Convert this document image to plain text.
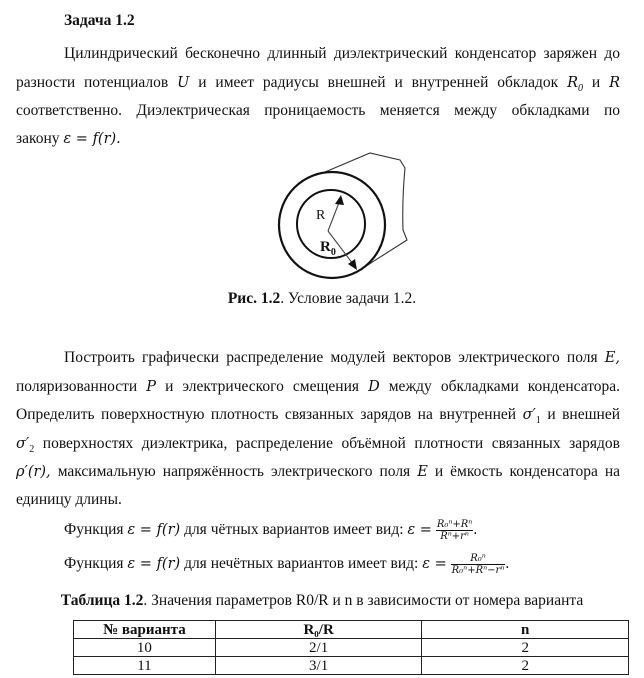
Задача 1.2
Цилиндрический бесконечно длинный диэлектрический конденсатор заряжен до
разности потенциалов U и имеет радиусы внешней и внутренней обкладок $R_0$ и R
соответственно. Диэлектрическая проницаемость меняется между обкладками по
закону ε = f(r).
R
$R_0$
Рис. 1.2. Условие задачи 1.2.
Построить графически распределение модулей векторов электрического поля E,
поляризованности P и электрического смещения D между обкладками конденсатора.
Определить поверхностную плотность связанных зарядов на внутренней $\sigma'_1$ и внешней
$\sigma'_2$ поверхностях диэлектрика, распределение объёмной плотности связанных зарядов
ρ′(r), максимальную напряжённость электрического поля E и ёмкость конденсатора на
единицу длины.
Функция ε = f(r) для чётных вариантов имеет вид: $\varepsilon = \frac{\text{R₀ⁿ+Rⁿ}}{\text{Rⁿ+rⁿ}}$ .
Функция ε = f(r) для нечётных вариантов имеет вид: $\varepsilon = \frac{\text{R₀ⁿ}}{\text{R₀ⁿ+Rⁿ−rⁿ}}$ .
Таблица 1.2. Значения параметров R0/R и n в зависимости от номера варианта
№ варианта	R₀/R	n
10	2/1	2
11	3/1	2
